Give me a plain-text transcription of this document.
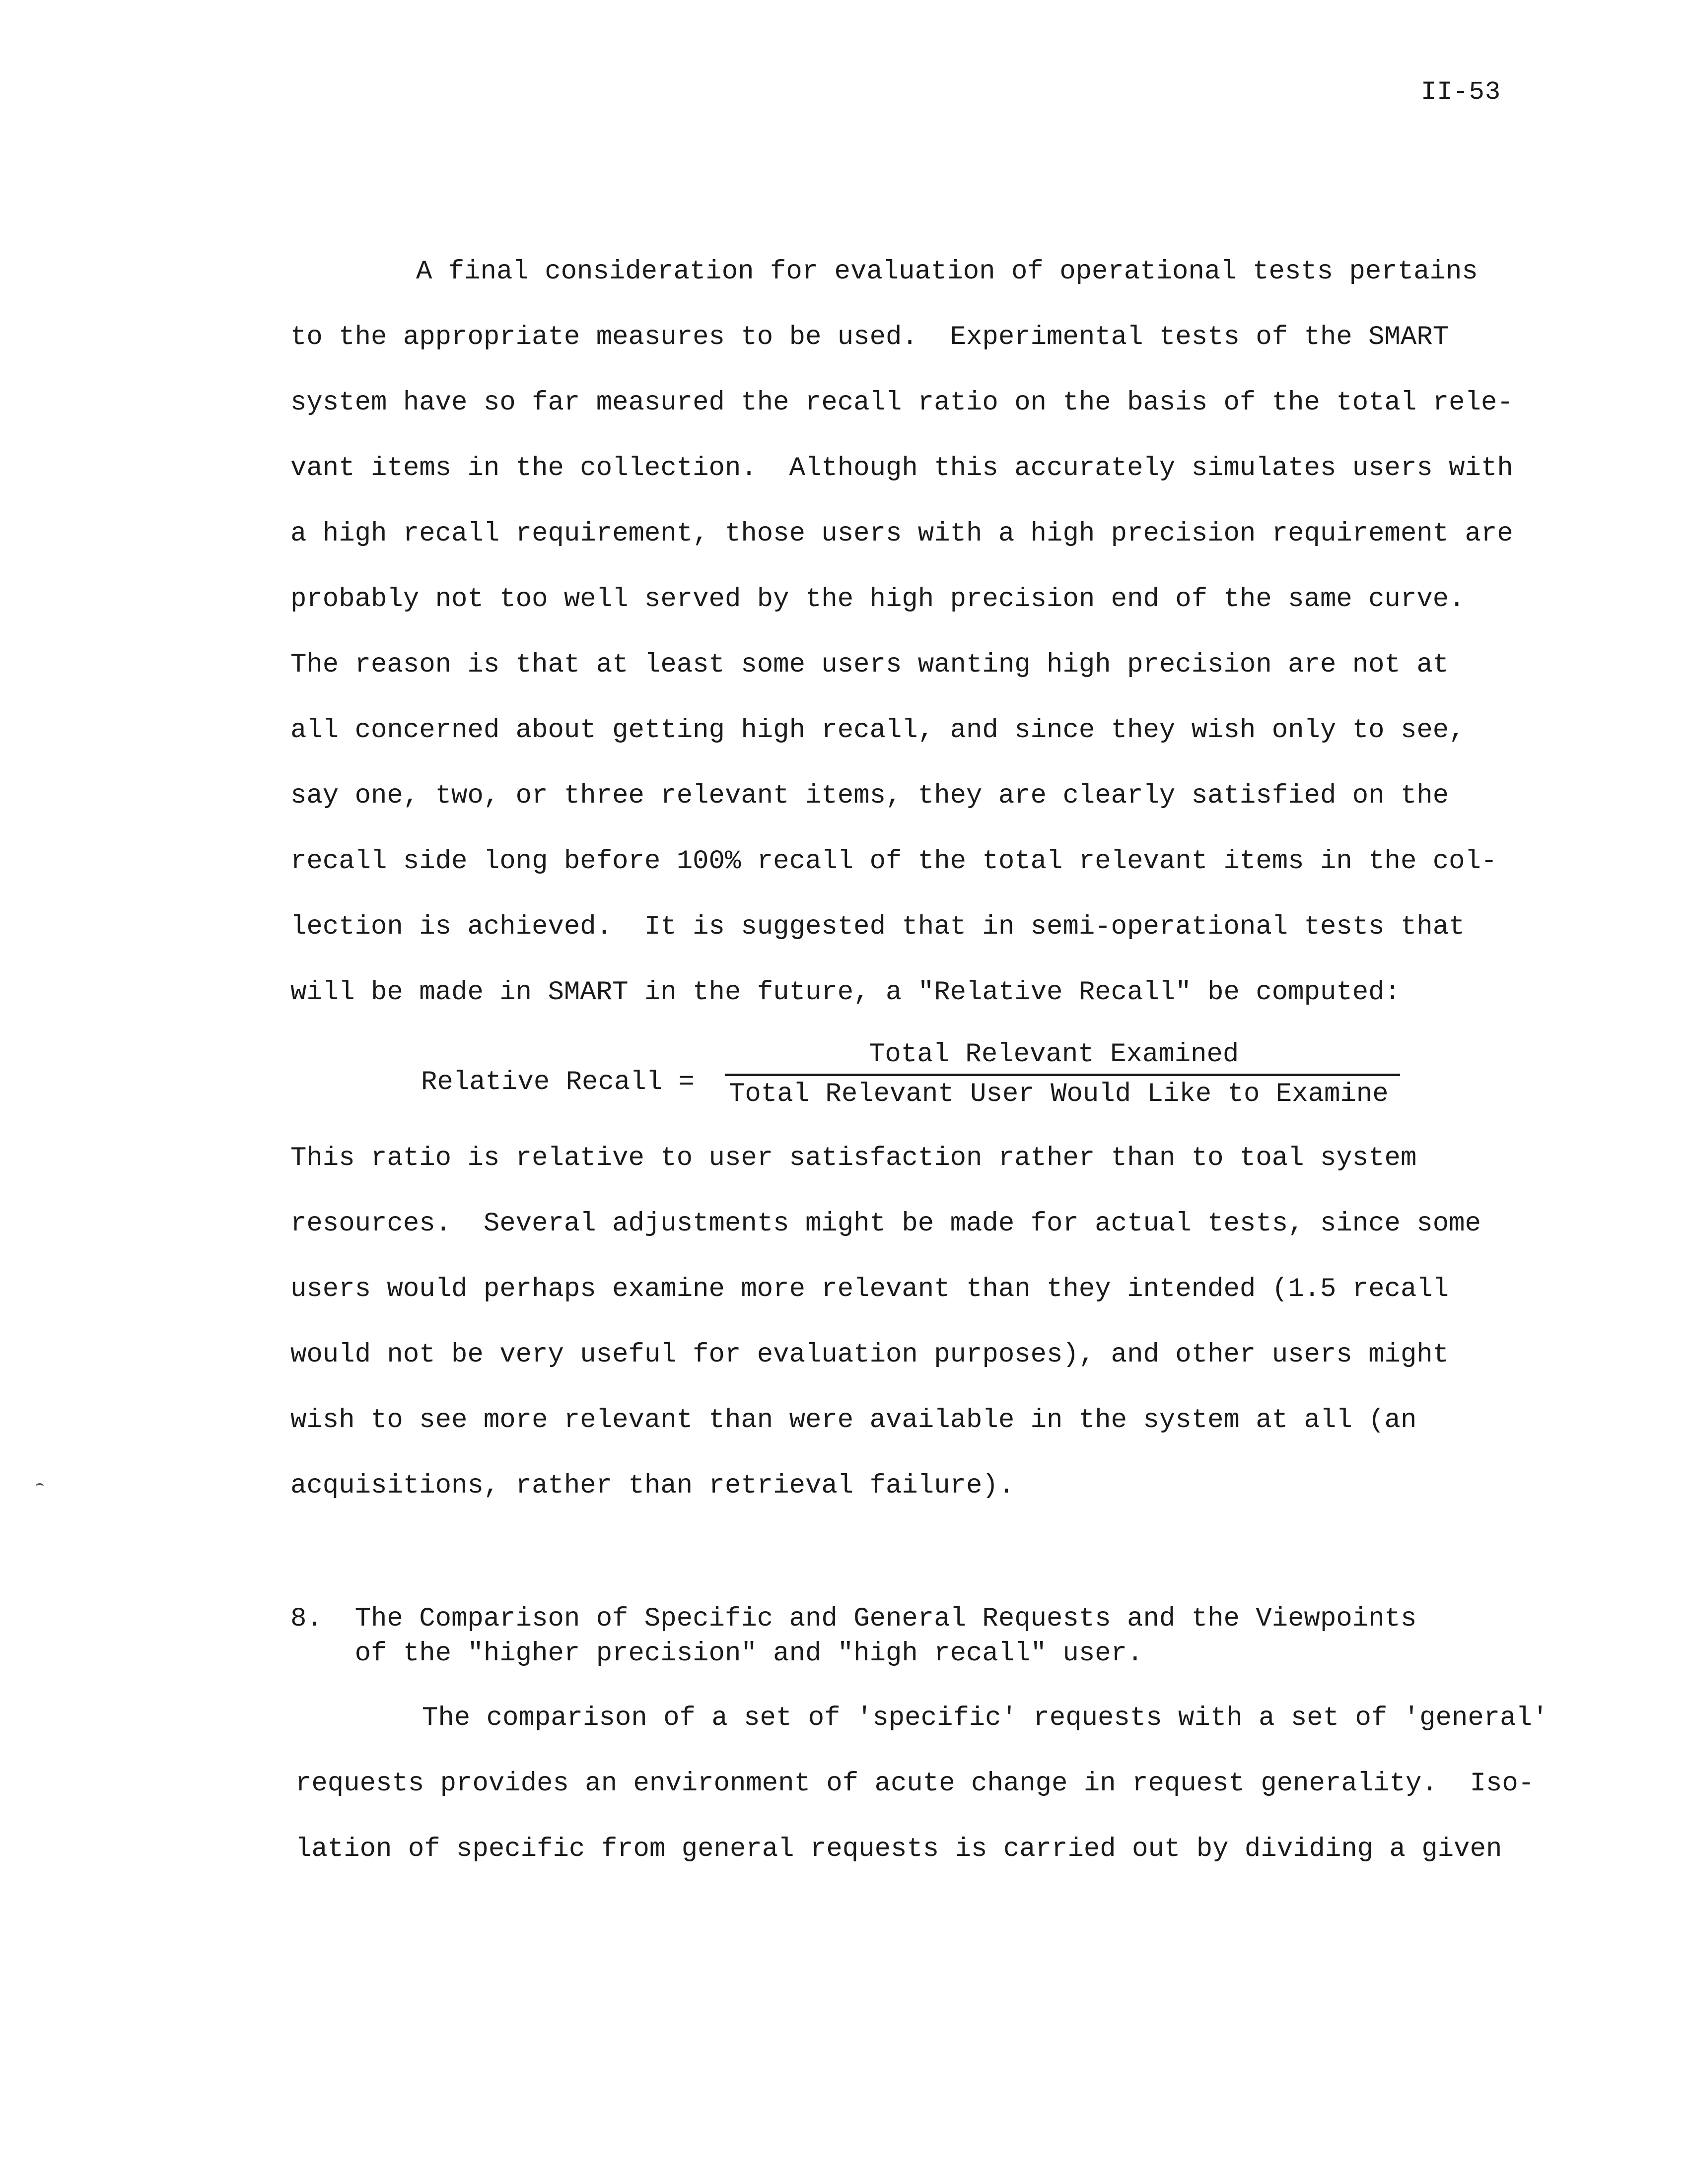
II-53
A final consideration for evaluation of operational tests pertains
to the appropriate measures to be used.  Experimental tests of the SMART
system have so far measured the recall ratio on the basis of the total rele-
vant items in the collection.  Although this accurately simulates users with
a high recall requirement, those users with a high precision requirement are
probably not too well served by the high precision end of the same curve.
The reason is that at least some users wanting high precision are not at
all concerned about getting high recall, and since they wish only to see,
say one, two, or three relevant items, they are clearly satisfied on the
recall side long before 100% recall of the total relevant items in the col-
lection is achieved.  It is suggested that in semi-operational tests that
will be made in SMART in the future, a "Relative Recall" be computed:
Relative Recall =
Total Relevant Examined
Total Relevant User Would Like to Examine
This ratio is relative to user satisfaction rather than to toal system
resources.  Several adjustments might be made for actual tests, since some
users would perhaps examine more relevant than they intended (1.5 recall
would not be very useful for evaluation purposes), and other users might
wish to see more relevant than were available in the system at all (an
acquisitions, rather than retrieval failure).
8.  The Comparison of Specific and General Requests and the Viewpoints
of the "higher precision" and "high recall" user.
The comparison of a set of 'specific' requests with a set of 'general'
requests provides an environment of acute change in request generality.  Iso-
lation of specific from general requests is carried out by dividing a given
